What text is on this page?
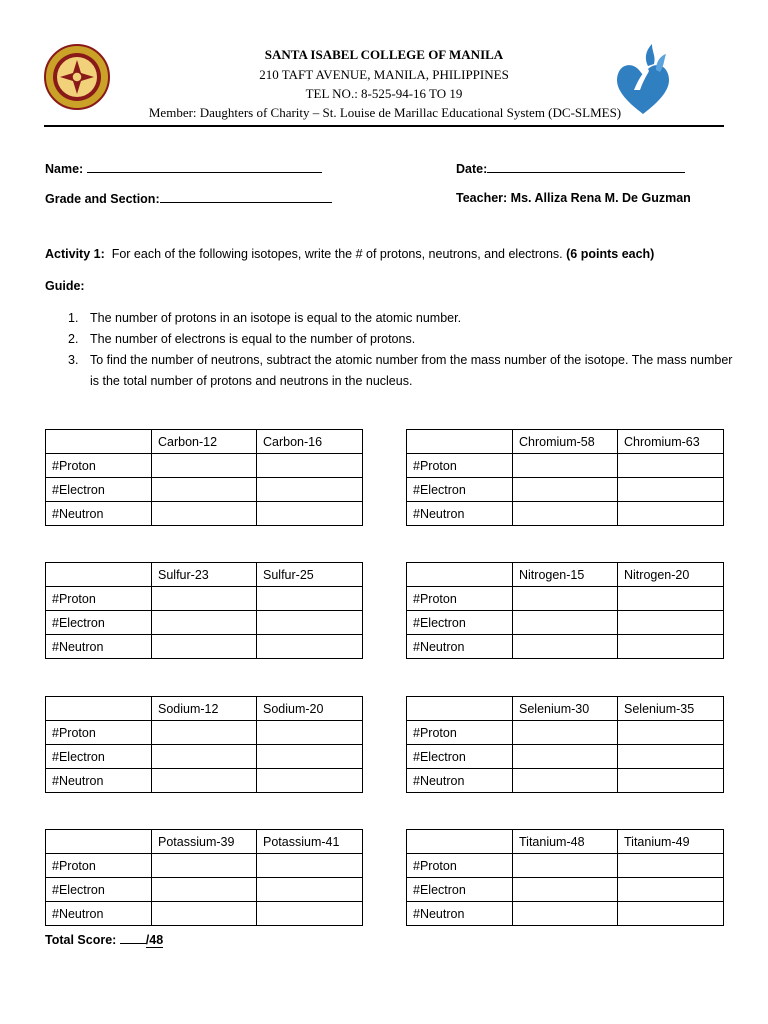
SANTA ISABEL COLLEGE OF MANILA
210 TAFT AVENUE, MANILA, PHILIPPINES
TEL NO.: 8-525-94-16 TO 19
Member: Daughters of Charity – St. Louise de Marillac Educational System (DC-SLMES)
Name:	Date:
Grade and Section:	Teacher: Ms. Alliza Rena M. De Guzman
Activity 1: For each of the following isotopes, write the # of protons, neutrons, and electrons. (6 points each)
Guide:
1. The number of protons in an isotope is equal to the atomic number.
2. The number of electrons is equal to the number of protons.
3. To find the number of neutrons, subtract the atomic number from the mass number of the isotope. The mass number is the total number of protons and neutrons in the nucleus.
	Carbon-12	Carbon-16
#Proton		
#Electron		
#Neutron		
	Chromium-58	Chromium-63
#Proton		
#Electron		
#Neutron		
	Sulfur-23	Sulfur-25
#Proton		
#Electron		
#Neutron		
	Nitrogen-15	Nitrogen-20
#Proton		
#Electron		
#Neutron		
	Sodium-12	Sodium-20
#Proton		
#Electron		
#Neutron		
	Selenium-30	Selenium-35
#Proton		
#Electron		
#Neutron		
	Potassium-39	Potassium-41
#Proton		
#Electron		
#Neutron		
	Titanium-48	Titanium-49
#Proton		
#Electron		
#Neutron		
Total Score: /48
